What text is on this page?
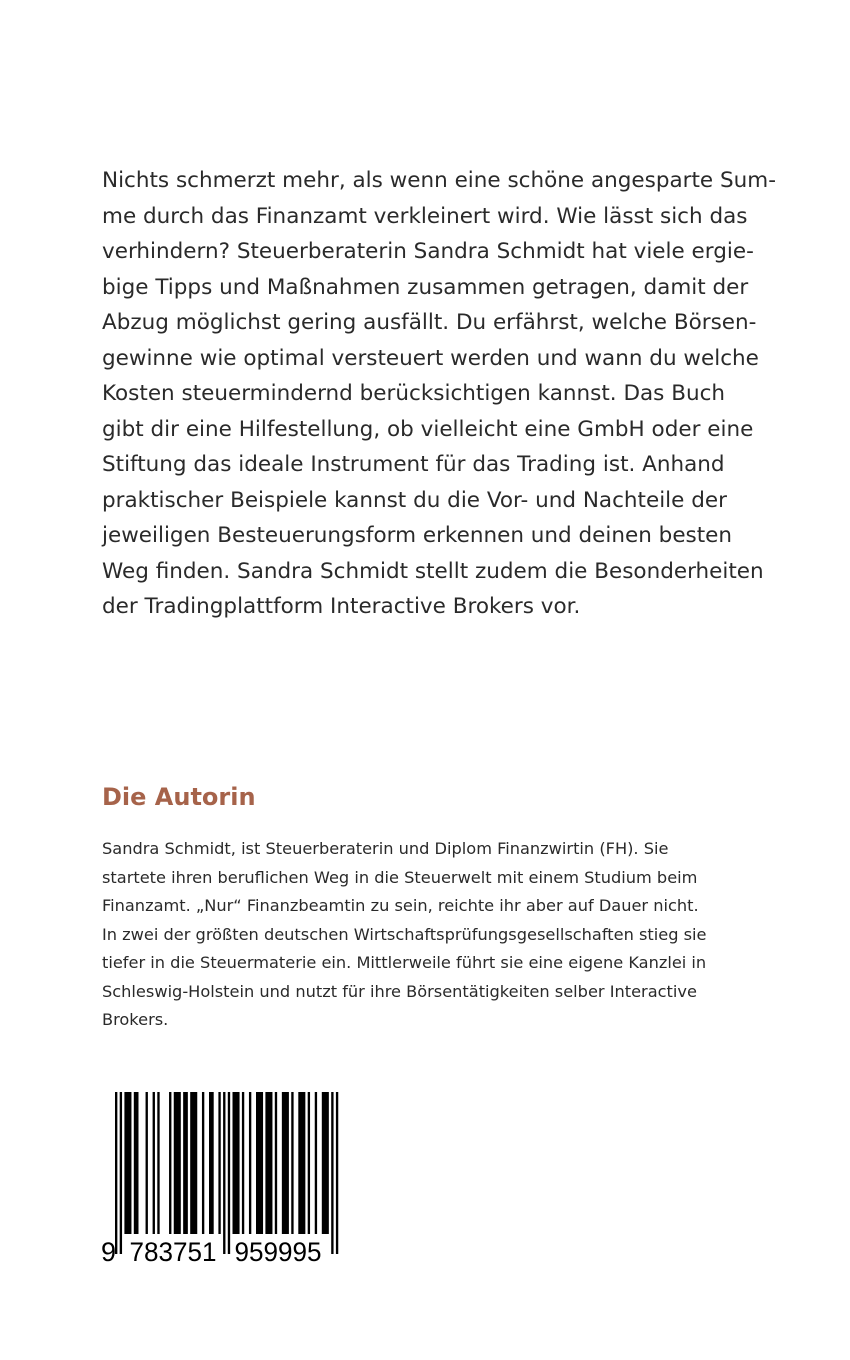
Nichts schmerzt mehr, als wenn eine schöne angesparte Sum-
me durch das Finanzamt verkleinert wird. Wie lässt sich das
verhindern? Steuerberaterin Sandra Schmidt hat viele ergie-
bige Tipps und Maßnahmen zusammen getragen, damit der
Abzug möglichst gering ausfällt. Du erfährst, welche Börsen-
gewinne wie optimal versteuert werden und wann du welche
Kosten steuermindernd berücksichtigen kannst. Das Buch
gibt dir eine Hilfestellung, ob vielleicht eine GmbH oder eine
Stiftung das ideale Instrument für das Trading ist. Anhand
praktischer Beispiele kannst du die Vor- und Nachteile der
jeweiligen Besteuerungsform erkennen und deinen besten
Weg finden. Sandra Schmidt stellt zudem die Besonderheiten
der Tradingplattform Interactive Brokers vor.
Die Autorin
Sandra Schmidt, ist Steuerberaterin und Diplom Finanzwirtin (FH). Sie
startete ihren beruflichen Weg in die Steuerwelt mit einem Studium beim
Finanzamt. „Nur“ Finanzbeamtin zu sein, reichte ihr aber auf Dauer nicht.
In zwei der größten deutschen Wirtschaftsprüfungsgesellschaften stieg sie
tiefer in die Steuermaterie ein. Mittlerweile führt sie eine eigene Kanzlei in
Schleswig-Holstein und nutzt für ihre Börsentätigkeiten selber Interactive
Brokers.
9 783751 959995
